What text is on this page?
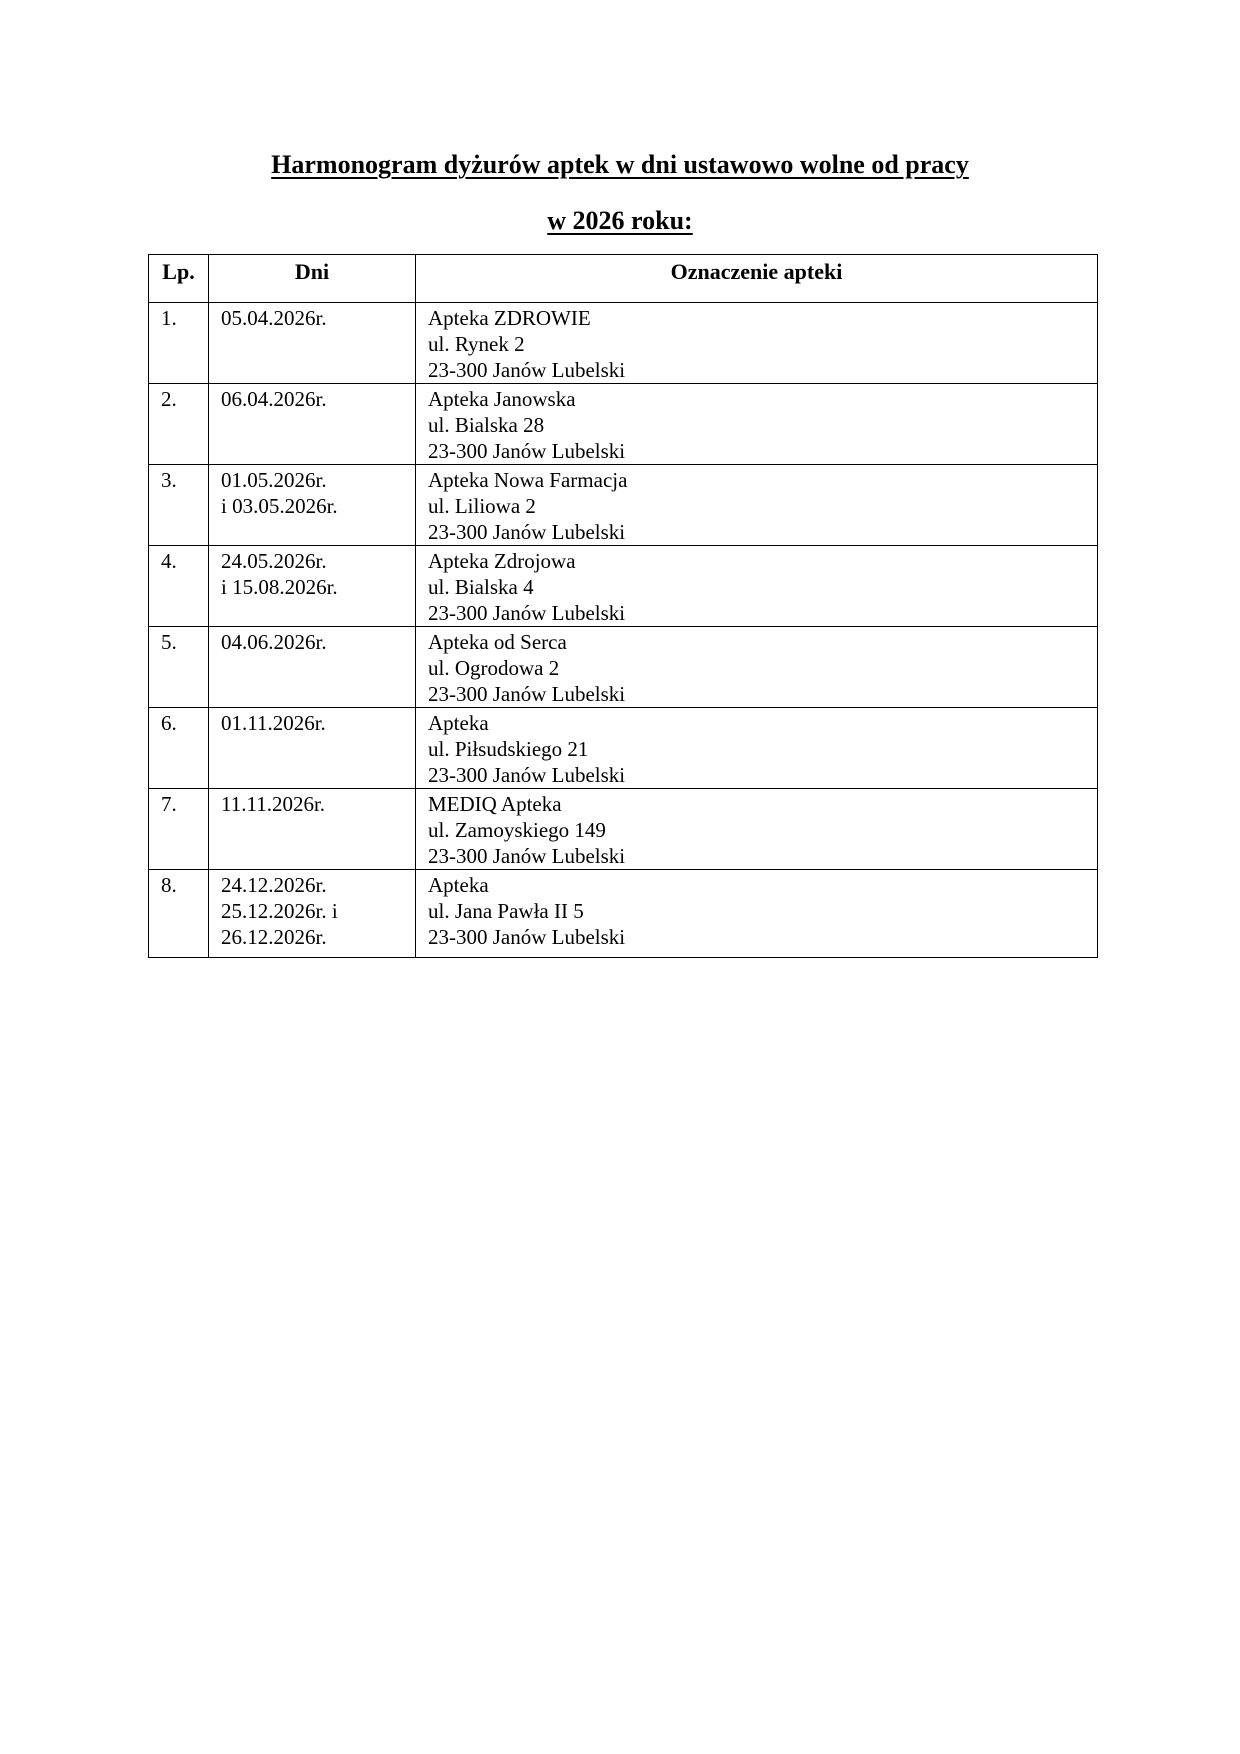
Harmonogram dyżurów aptek w dni ustawowo wolne od pracy
w 2026 roku:
Lp.	Dni	Oznaczenie apteki
1.	05.04.2026r.	Apteka ZDROWIE
ul. Rynek 2
23-300 Janów Lubelski

2.	06.04.2026r.	Apteka Janowska
ul. Bialska 28
23-300 Janów Lubelski

3.	01.05.2026r.
i 03.05.2026r.	Apteka Nowa Farmacja
ul. Liliowa 2
23-300 Janów Lubelski

4.	24.05.2026r.
i 15.08.2026r.	Apteka Zdrojowa
ul. Bialska 4
23-300 Janów Lubelski

5.	04.06.2026r.	Apteka od Serca
ul. Ogrodowa 2
23-300 Janów Lubelski

6.	01.11.2026r.	Apteka
ul. Piłsudskiego 21
23-300 Janów Lubelski

7.	11.11.2026r.	MEDIQ Apteka
ul. Zamoyskiego 149
23-300 Janów Lubelski

8.	24.12.2026r.
25.12.2026r. i
26.12.2026r.	Apteka
ul. Jana Pawła II 5
23-300 Janów Lubelski
